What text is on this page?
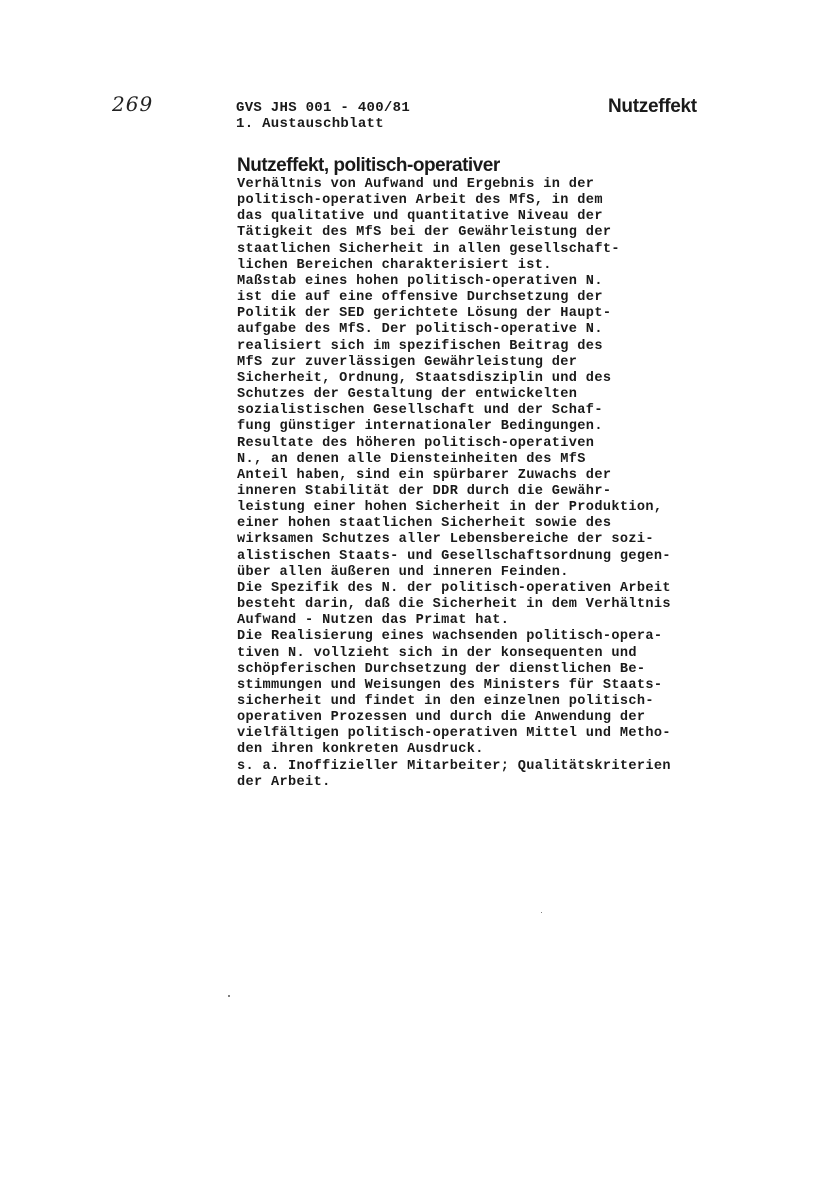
269	GVS JHS 001 - 400/81
1. Austauschblatt
Nutzeffekt
Nutzeffekt, politisch-operativer
Verhältnis von Aufwand und Ergebnis in der
politisch-operativen Arbeit des MfS, in dem
das qualitative und quantitative Niveau der
Tätigkeit des MfS bei der Gewährleistung der
staatlichen Sicherheit in allen gesellschaft-
lichen Bereichen charakterisiert ist.
Maßstab eines hohen politisch-operativen N.
ist die auf eine offensive Durchsetzung der
Politik der SED gerichtete Lösung der Haupt-
aufgabe des MfS. Der politisch-operative N.
realisiert sich im spezifischen Beitrag des
MfS zur zuverlässigen Gewährleistung der
Sicherheit, Ordnung, Staatsdisziplin und des
Schutzes der Gestaltung der entwickelten
sozialistischen Gesellschaft und der Schaf-
fung günstiger internationaler Bedingungen.
Resultate des höheren politisch-operativen
N., an denen alle Diensteinheiten des MfS
Anteil haben, sind ein spürbarer Zuwachs der
inneren Stabilität der DDR durch die Gewähr-
leistung einer hohen Sicherheit in der Produktion,
einer hohen staatlichen Sicherheit sowie des
wirksamen Schutzes aller Lebensbereiche der sozi-
alistischen Staats- und Gesellschaftsordnung gegen-
über allen äußeren und inneren Feinden.
Die Spezifik des N. der politisch-operativen Arbeit
besteht darin, daß die Sicherheit in dem Verhältnis
Aufwand - Nutzen das Primat hat.
Die Realisierung eines wachsenden politisch-opera-
tiven N. vollzieht sich in der konsequenten und
schöpferischen Durchsetzung der dienstlichen Be-
stimmungen und Weisungen des Ministers für Staats-
sicherheit und findet in den einzelnen politisch-
operativen Prozessen und durch die Anwendung der
vielfältigen politisch-operativen Mittel und Metho-
den ihren konkreten Ausdruck.
s. a. Inoffizieller Mitarbeiter; Qualitätskriterien
der Arbeit.
